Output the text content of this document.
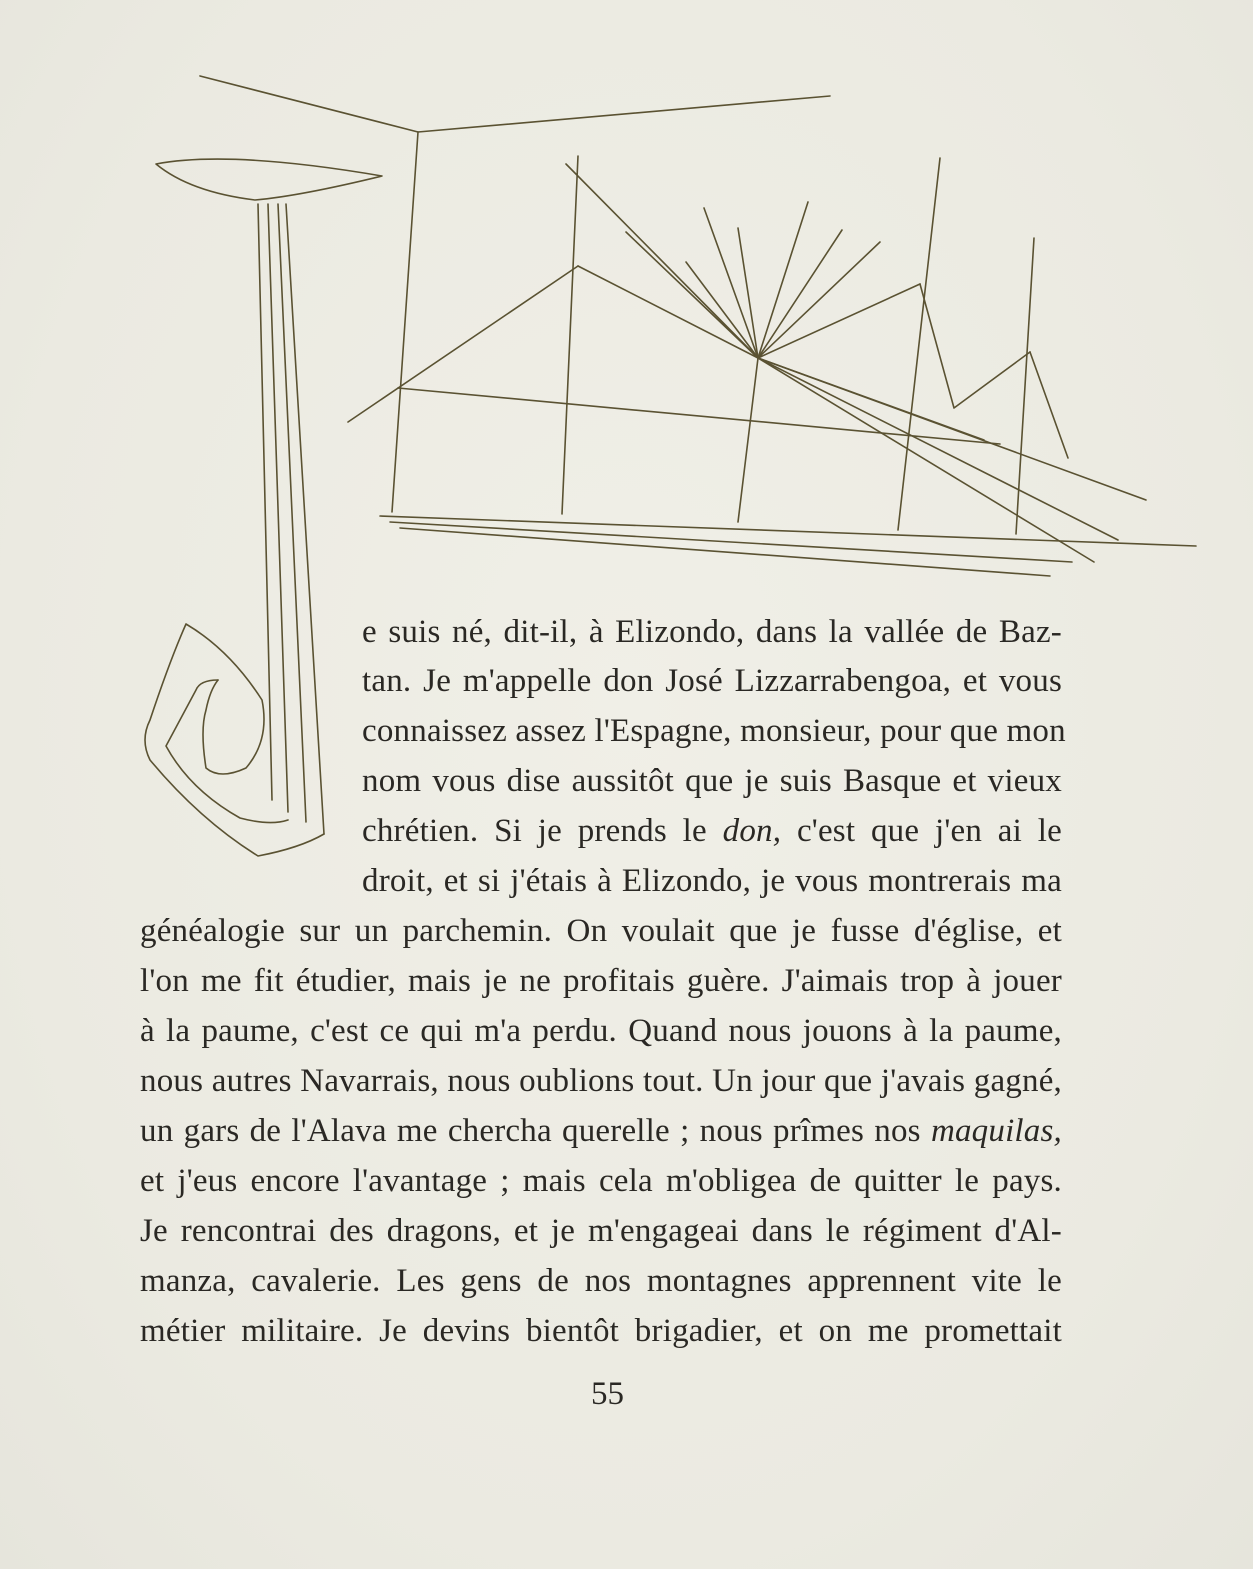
e suis né, dit-il, à Elizondo, dans la vallée de Baz-
tan. Je m'appelle don José Lizzarrabengoa, et vous
connaissez assez l'Espagne, monsieur, pour que mon
nom vous dise aussitôt que je suis Basque et vieux
chrétien. Si je prends le don, c'est que j'en ai le
droit, et si j'étais à Elizondo, je vous montrerais ma
généalogie sur un parchemin. On voulait que je fusse d'église, et
l'on me fit étudier, mais je ne profitais guère. J'aimais trop à jouer
à la paume, c'est ce qui m'a perdu. Quand nous jouons à la paume,
nous autres Navarrais, nous oublions tout. Un jour que j'avais gagné,
un gars de l'Alava me chercha querelle ; nous prîmes nos maquilas,
et j'eus encore l'avantage ; mais cela m'obligea de quitter le pays.
Je rencontrai des dragons, et je m'engageai dans le régiment d'Al-
manza, cavalerie. Les gens de nos montagnes apprennent vite le
métier militaire. Je devins bientôt brigadier, et on me promettait
55
